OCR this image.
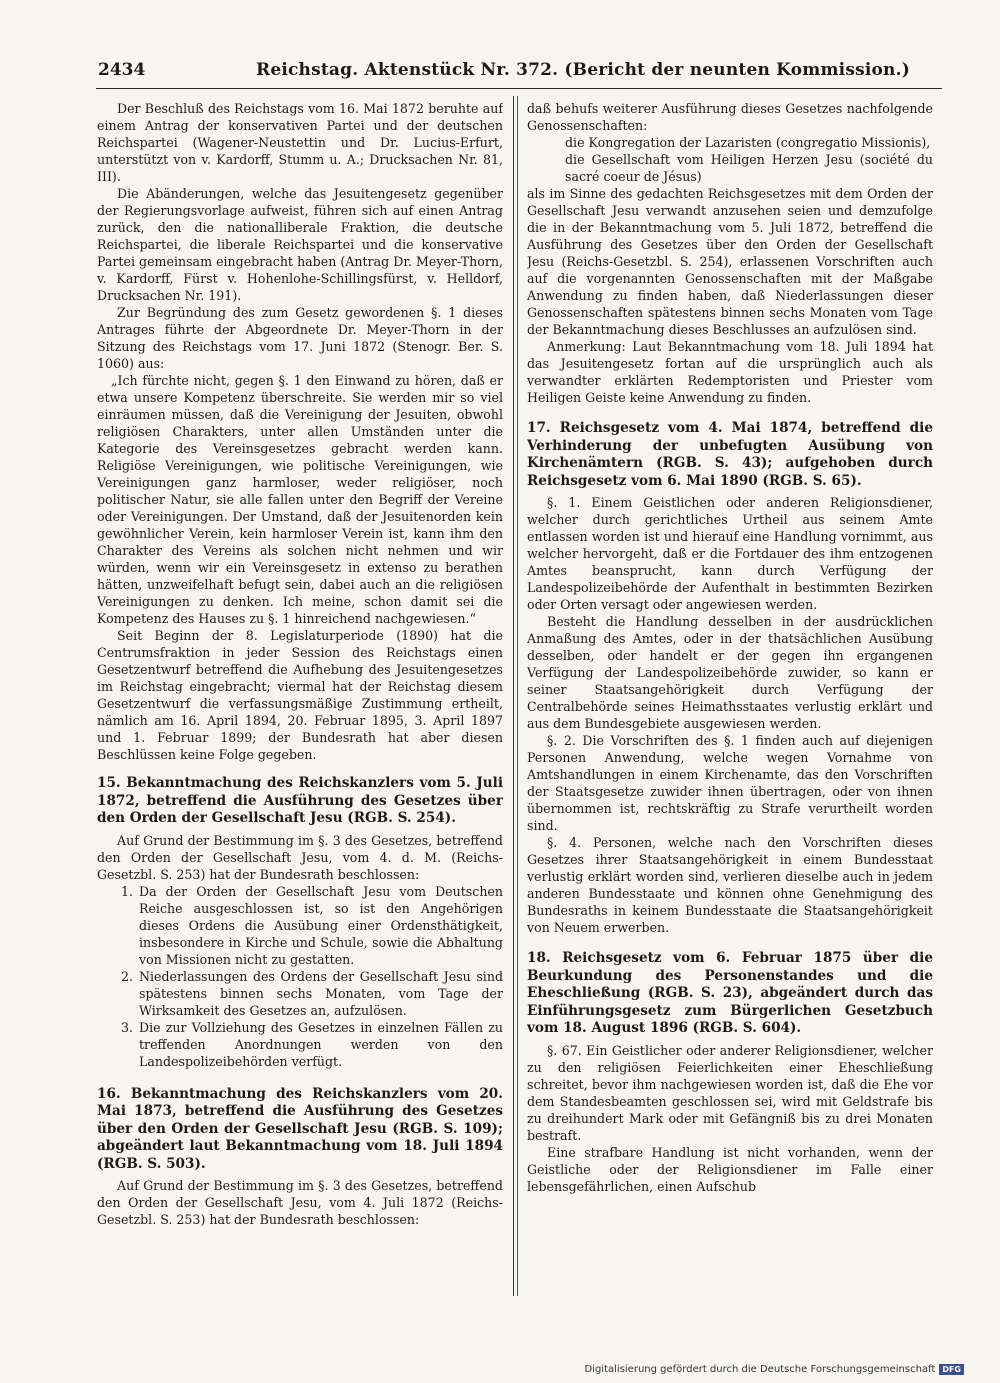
2434	Reichstag. Aktenstück Nr. 372. (Bericht der neunten Kommission.)

Der Beschluß des Reichstags vom 16. Mai 1872 beruhte auf einem Antrag der konservativen Partei und der deutschen Reichspartei (Wagener-Neustettin und Dr. Lucius-Erfurt, unterstützt von v. Kardorff, Stumm u. A.; Drucksachen Nr. 81, III).

Die Abänderungen, welche das Jesuitengesetz gegenüber der Regierungsvorlage aufweist, führen sich auf einen Antrag zurück, den die nationalliberale Fraktion, die deutsche Reichspartei, die liberale Reichspartei und die konservative Partei gemeinsam eingebracht haben (Antrag Dr. Meyer-Thorn, v. Kardorff, Fürst v. Hohenlohe-Schillingsfürst, v. Helldorf, Drucksachen Nr. 191).

Zur Begründung des zum Gesetz gewordenen §. 1 dieses Antrages führte der Abgeordnete Dr. Meyer-Thorn in der Sitzung des Reichstags vom 17. Juni 1872 (Stenogr. Ber. S. 1060) aus:

„Ich fürchte nicht, gegen §. 1 den Einwand zu hören, daß er etwa unsere Kompetenz überschreite. Sie werden mir so viel einräumen müssen, daß die Vereinigung der Jesuiten, obwohl religiösen Charakters, unter allen Umständen unter die Kategorie des Vereinsgesetzes gebracht werden kann. Religiöse Vereinigungen, wie politische Vereinigungen, wie Vereinigungen ganz harmloser, weder religiöser, noch politischer Natur, sie alle fallen unter den Begriff der Vereine oder Vereinigungen. Der Umstand, daß der Jesuitenorden kein gewöhnlicher Verein, kein harmloser Verein ist, kann ihm den Charakter des Vereins als solchen nicht nehmen und wir würden, wenn wir ein Vereinsgesetz in extenso zu berathen hätten, unzweifelhaft befugt sein, dabei auch an die religiösen Vereinigungen zu denken. Ich meine, schon damit sei die Kompetenz des Hauses zu §. 1 hinreichend nachgewiesen.“

Seit Beginn der 8. Legislaturperiode (1890) hat die Centrumsfraktion in jeder Session des Reichstags einen Gesetzentwurf betreffend die Aufhebung des Jesuitengesetzes im Reichstag eingebracht; viermal hat der Reichstag diesem Gesetzentwurf die verfassungsmäßige Zustimmung ertheilt, nämlich am 16. April 1894, 20. Februar 1895, 3. April 1897 und 1. Februar 1899; der Bundesrath hat aber diesen Beschlüssen keine Folge gegeben.

15. Bekanntmachung des Reichskanzlers vom 5. Juli 1872, betreffend die Ausführung des Gesetzes über den Orden der Gesellschaft Jesu (RGB. S. 254).

Auf Grund der Bestimmung im §. 3 des Gesetzes, betreffend den Orden der Gesellschaft Jesu, vom 4. d. M. (Reichs-Gesetzbl. S. 253) hat der Bundesrath beschlossen:

1. Da der Orden der Gesellschaft Jesu vom Deutschen Reiche ausgeschlossen ist, so ist den Angehörigen dieses Ordens die Ausübung einer Ordensthätigkeit, insbesondere in Kirche und Schule, sowie die Abhaltung von Missionen nicht zu gestatten.
2. Niederlassungen des Ordens der Gesellschaft Jesu sind spätestens binnen sechs Monaten, vom Tage der Wirksamkeit des Gesetzes an, aufzulösen.
3. Die zur Vollziehung des Gesetzes in einzelnen Fällen zu treffenden Anordnungen werden von den Landespolizeibehörden verfügt.
16. Bekanntmachung des Reichskanzlers vom 20. Mai 1873, betreffend die Ausführung des Gesetzes über den Orden der Gesellschaft Jesu (RGB. S. 109); abgeändert laut Bekanntmachung vom 18. Juli 1894 (RGB. S. 503).

Auf Grund der Bestimmung im §. 3 des Gesetzes, betreffend den Orden der Gesellschaft Jesu, vom 4. Juli 1872 (Reichs-Gesetzbl. S. 253) hat der Bundesrath beschlossen:

daß behufs weiterer Ausführung dieses Gesetzes nachfolgende Genossenschaften:

die Kongregation der Lazaristen (congregatio Missionis),
die Gesellschaft vom Heiligen Herzen Jesu (société du sacré coeur de Jésus)

als im Sinne des gedachten Reichsgesetzes mit dem Orden der Gesellschaft Jesu verwandt anzusehen seien und demzufolge die in der Bekanntmachung vom 5. Juli 1872, betreffend die Ausführung des Gesetzes über den Orden der Gesellschaft Jesu (Reichs-Gesetzbl. S. 254), erlassenen Vorschriften auch auf die vorgenannten Genossenschaften mit der Maßgabe Anwendung zu finden haben, daß Niederlassungen dieser Genossenschaften spätestens binnen sechs Monaten vom Tage der Bekanntmachung dieses Beschlusses an aufzulösen sind.

Anmerkung: Laut Bekanntmachung vom 18. Juli 1894 hat das Jesuitengesetz fortan auf die ursprünglich auch als verwandter erklärten Redemptoristen und Priester vom Heiligen Geiste keine Anwendung zu finden.

17. Reichsgesetz vom 4. Mai 1874, betreffend die Verhinderung der unbefugten Ausübung von Kirchenämtern (RGB. S. 43); aufgehoben durch Reichsgesetz vom 6. Mai 1890 (RGB. S. 65).

§. 1. Einem Geistlichen oder anderen Religionsdiener, welcher durch gerichtliches Urtheil aus seinem Amte entlassen worden ist und hierauf eine Handlung vornimmt, aus welcher hervorgeht, daß er die Fortdauer des ihm entzogenen Amtes beansprucht, kann durch Verfügung der Landespolizeibehörde der Aufenthalt in bestimmten Bezirken oder Orten versagt oder angewiesen werden.

Besteht die Handlung desselben in der ausdrücklichen Anmaßung des Amtes, oder in der thatsächlichen Ausübung desselben, oder handelt er der gegen ihn ergangenen Verfügung der Landespolizeibehörde zuwider, so kann er seiner Staatsangehörigkeit durch Verfügung der Centralbehörde seines Heimathsstaates verlustig erklärt und aus dem Bundesgebiete ausgewiesen werden.

§. 2. Die Vorschriften des §. 1 finden auch auf diejenigen Personen Anwendung, welche wegen Vornahme von Amtshandlungen in einem Kirchenamte, das den Vorschriften der Staatsgesetze zuwider ihnen übertragen, oder von ihnen übernommen ist, rechtskräftig zu Strafe verurtheilt worden sind.

§. 4. Personen, welche nach den Vorschriften dieses Gesetzes ihrer Staatsangehörigkeit in einem Bundesstaat verlustig erklärt worden sind, verlieren dieselbe auch in jedem anderen Bundesstaate und können ohne Genehmigung des Bundesraths in keinem Bundesstaate die Staatsangehörigkeit von Neuem erwerben.

18. Reichsgesetz vom 6. Februar 1875 über die Beurkundung des Personenstandes und die Eheschließung (RGB. S. 23), abgeändert durch das Einführungsgesetz zum Bürgerlichen Gesetzbuch vom 18. August 1896 (RGB. S. 604).

§. 67. Ein Geistlicher oder anderer Religionsdiener, welcher zu den religiösen Feierlichkeiten einer Eheschließung schreitet, bevor ihm nachgewiesen worden ist, daß die Ehe vor dem Standesbeamten geschlossen sei, wird mit Geldstrafe bis zu dreihundert Mark oder mit Gefängniß bis zu drei Monaten bestraft.

Eine strafbare Handlung ist nicht vorhanden, wenn der Geistliche oder der Religionsdiener im Falle einer lebensgefährlichen, einen Aufschub

Digitalisierung gefördert durch die Deutsche Forschungsgemeinschaft DFG
